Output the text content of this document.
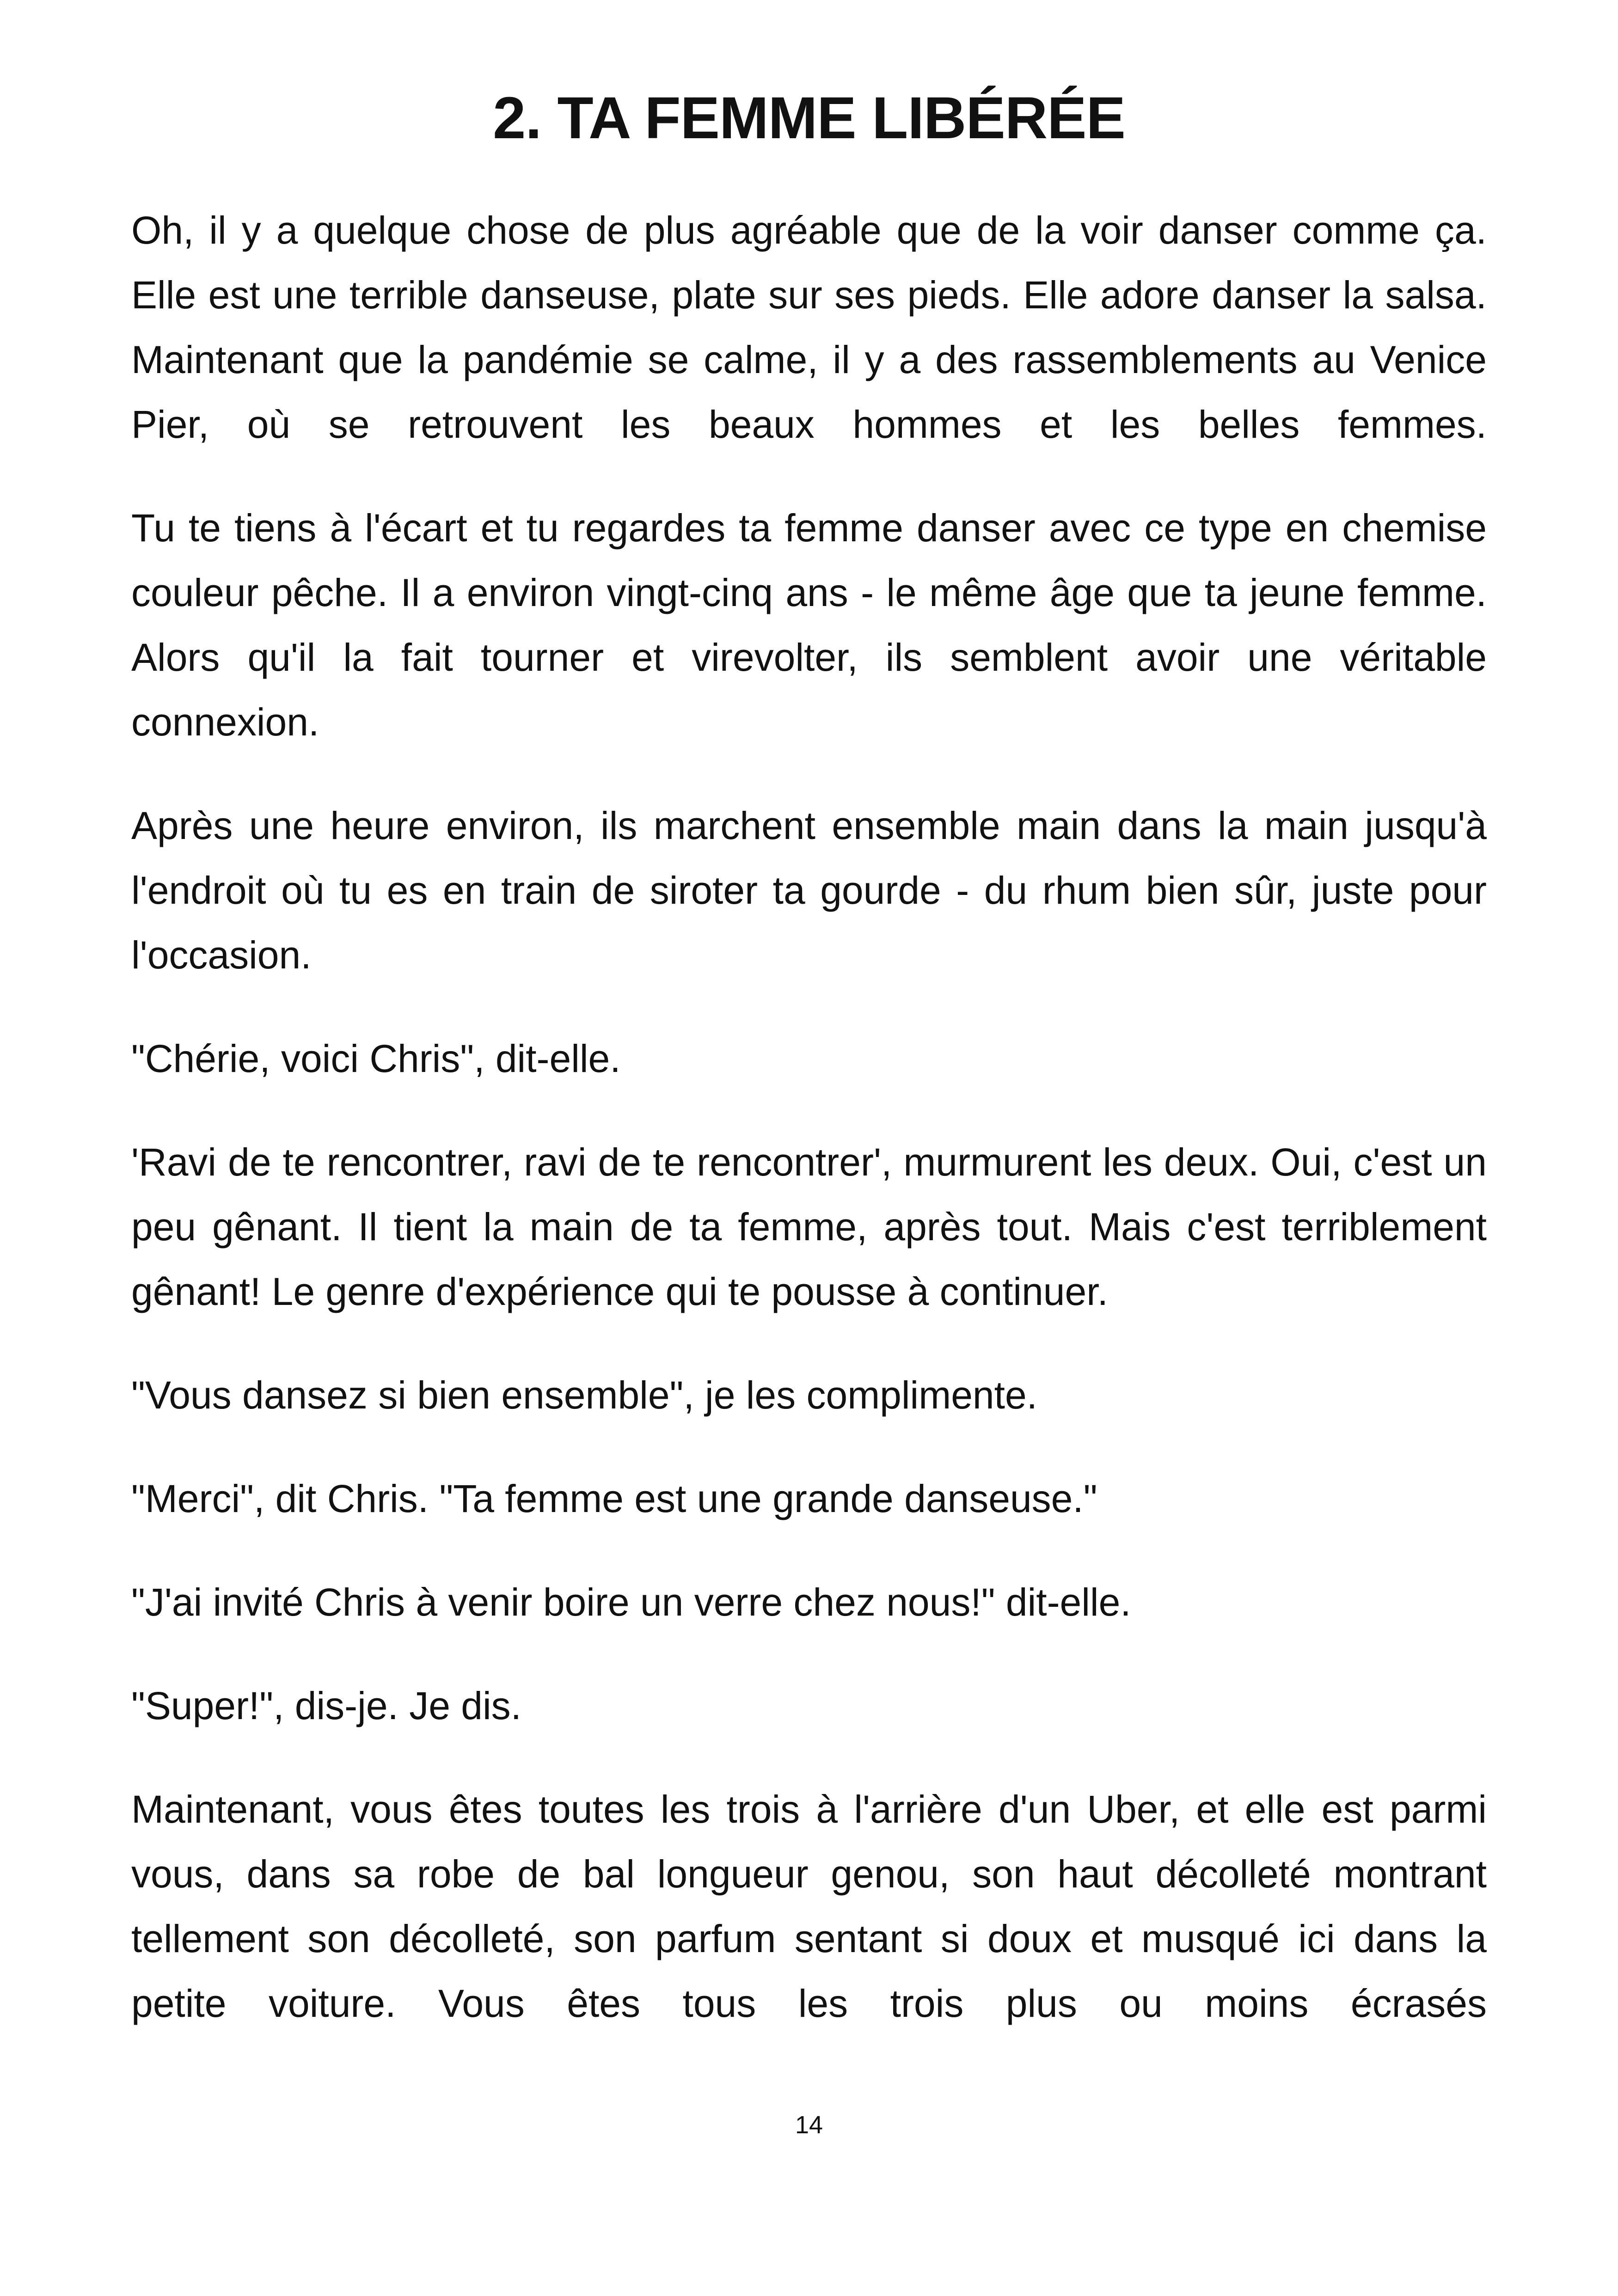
2. TA FEMME LIBÉRÉE

Oh, il y a quelque chose de plus agréable que de la voir danser comme ça. Elle est une terrible danseuse, plate sur ses pieds. Elle adore danser la salsa. Maintenant que la pandémie se calme, il y a des rassemblements au Venice Pier, où se retrouvent les beaux hommes et les belles femmes.

Tu te tiens à l'écart et tu regardes ta femme danser avec ce type en chemise couleur pêche. Il a environ vingt-cinq ans - le même âge que ta jeune femme. Alors qu'il la fait tourner et virevolter, ils semblent avoir une véritable connexion.

Après une heure environ, ils marchent ensemble main dans la main jusqu'à l'endroit où tu es en train de siroter ta gourde - du rhum bien sûr, juste pour l'occasion.

"Chérie, voici Chris", dit-elle.

'Ravi de te rencontrer, ravi de te rencontrer', murmurent les deux. Oui, c'est un peu gênant. Il tient la main de ta femme, après tout. Mais c'est terriblement gênant! Le genre d'expérience qui te pousse à continuer.

"Vous dansez si bien ensemble", je les complimente.

"Merci", dit Chris. "Ta femme est une grande danseuse."

"J'ai invité Chris à venir boire un verre chez nous!" dit-elle.

"Super!", dis-je. Je dis.

Maintenant, vous êtes toutes les trois à l'arrière d'un Uber, et elle est parmi vous, dans sa robe de bal longueur genou, son haut décolleté montrant tellement son décolleté, son parfum sentant si doux et musqué ici dans la petite voiture. Vous êtes tous les trois plus ou moins écrasés

14
